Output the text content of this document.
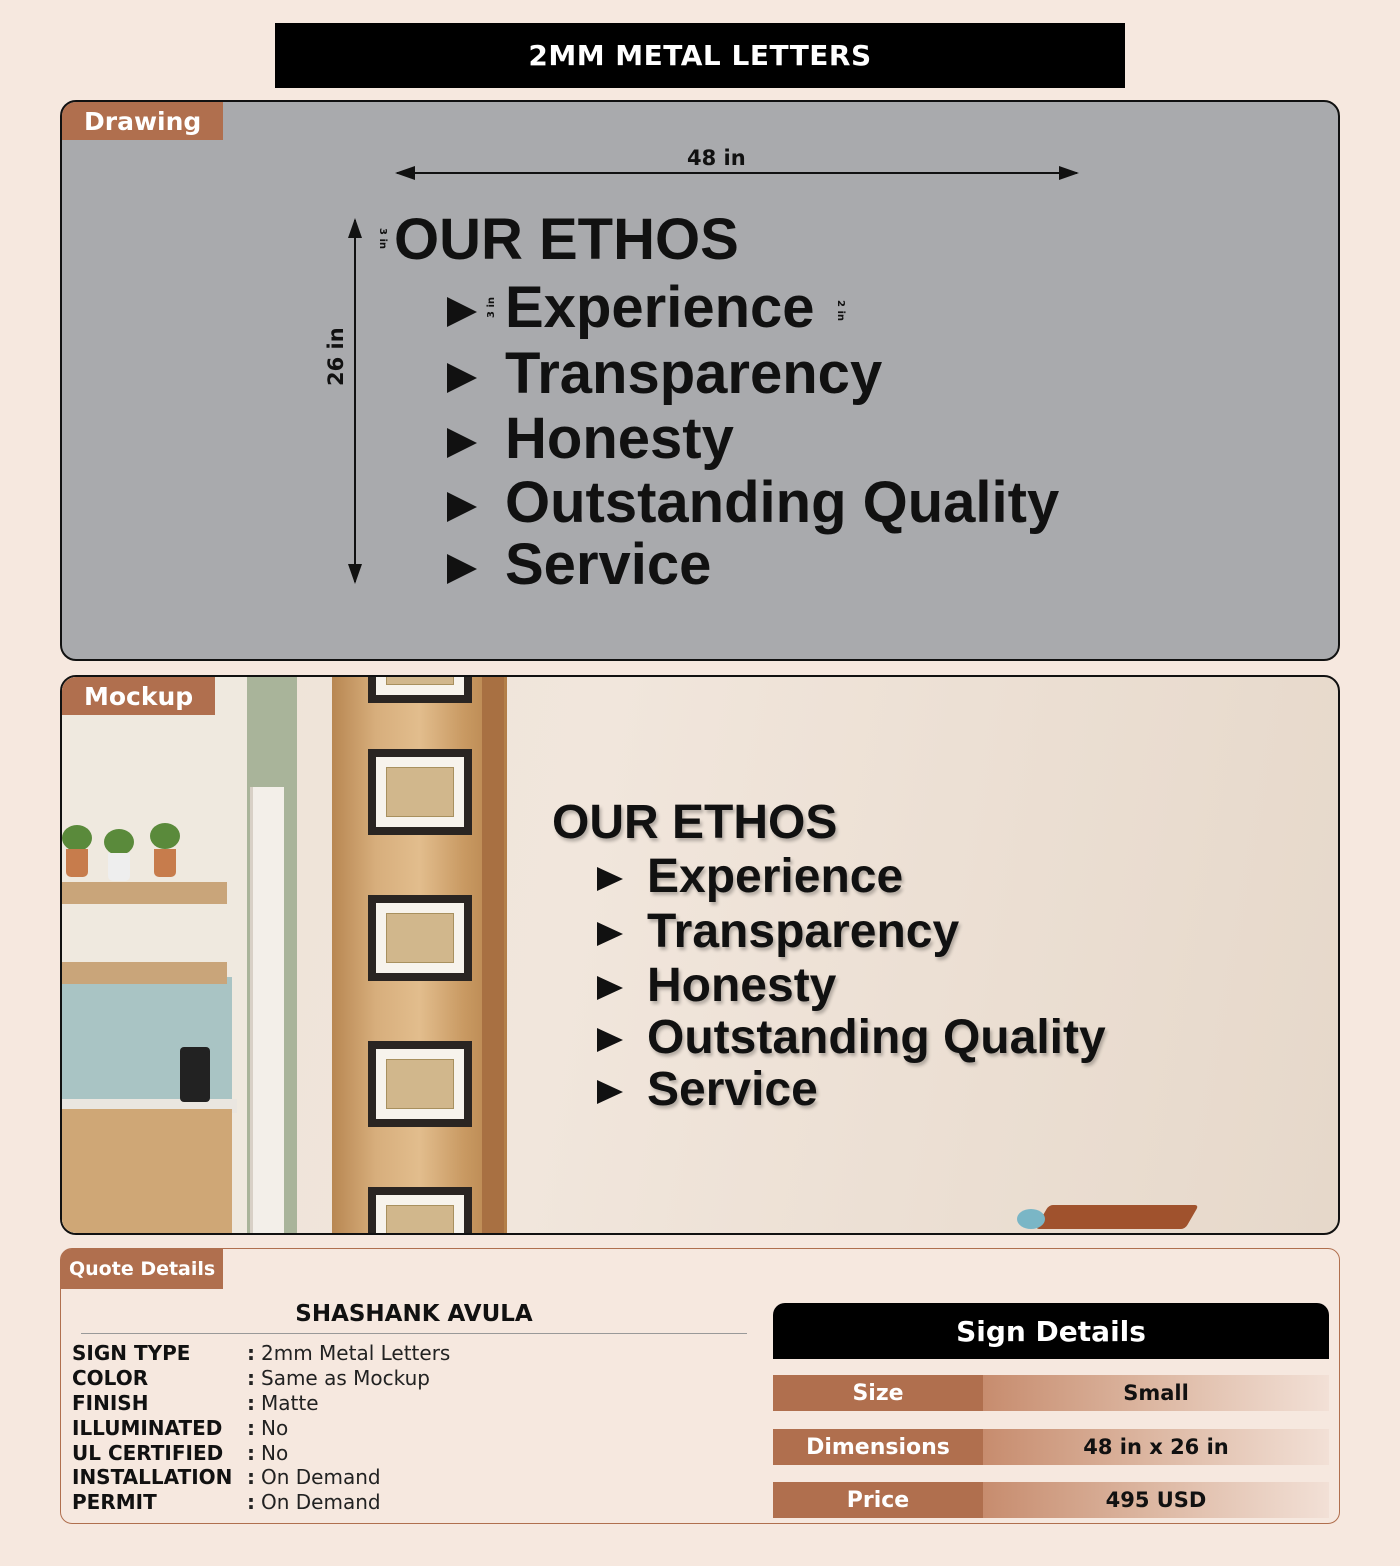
2MM METAL LETTERS
Drawing
48 in
26 in
3 in
3 in	2 in
OUR ETHOS
Experience
Transparency
Honesty
Outstanding Quality
Service
Mockup
OUR ETHOS
Experience
Transparency
Honesty
Outstanding Quality
Service
Quote Details
SHASHANK AVULA
SIGN TYPE	: 2mm Metal Letters
COLOR	: Same as Mockup
FINISH	: Matte
ILLUMINATED	: No
UL CERTIFIED	: No
INSTALLATION : On Demand
PERMIT	: On Demand
Sign Details
Size	Small
Dimensions	48 in x 26 in
Price	495 USD
